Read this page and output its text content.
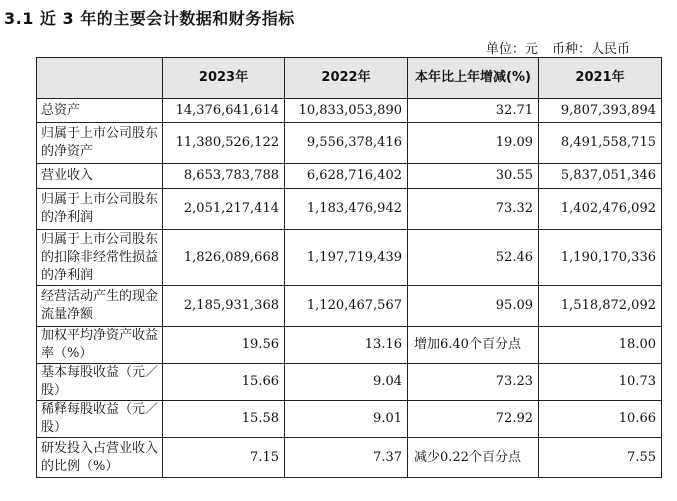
3.1 近 3 年的主要会计数据和财务指标
单位：元 币种：人民币
	2023年	2022年	本年比上年增减(%)	2021年
总资产	14,376,641,614	10,833,053,890	32.71	9,807,393,894
归属于上市公司股东的净资产	11,380,526,122	9,556,378,416	19.09	8,491,558,715
营业收入	8,653,783,788	6,628,716,402	30.55	5,837,051,346
归属于上市公司股东的净利润	2,051,217,414	1,183,476,942	73.32	1,402,476,092
归属于上市公司股东的扣除非经常性损益的净利润	1,826,089,668	1,197,719,439	52.46	1,190,170,336
经营活动产生的现金流量净额	2,185,931,368	1,120,467,567	95.09	1,518,872,092
加权平均净资产收益率（%）	19.56	13.16	增加6.40个百分点	18.00
基本每股收益（元／股）	15.66	9.04	73.23	10.73
稀释每股收益（元／股）	15.58	9.01	72.92	10.66
研发投入占营业收入的比例（%）	7.15	7.37	减少0.22个百分点	7.55
